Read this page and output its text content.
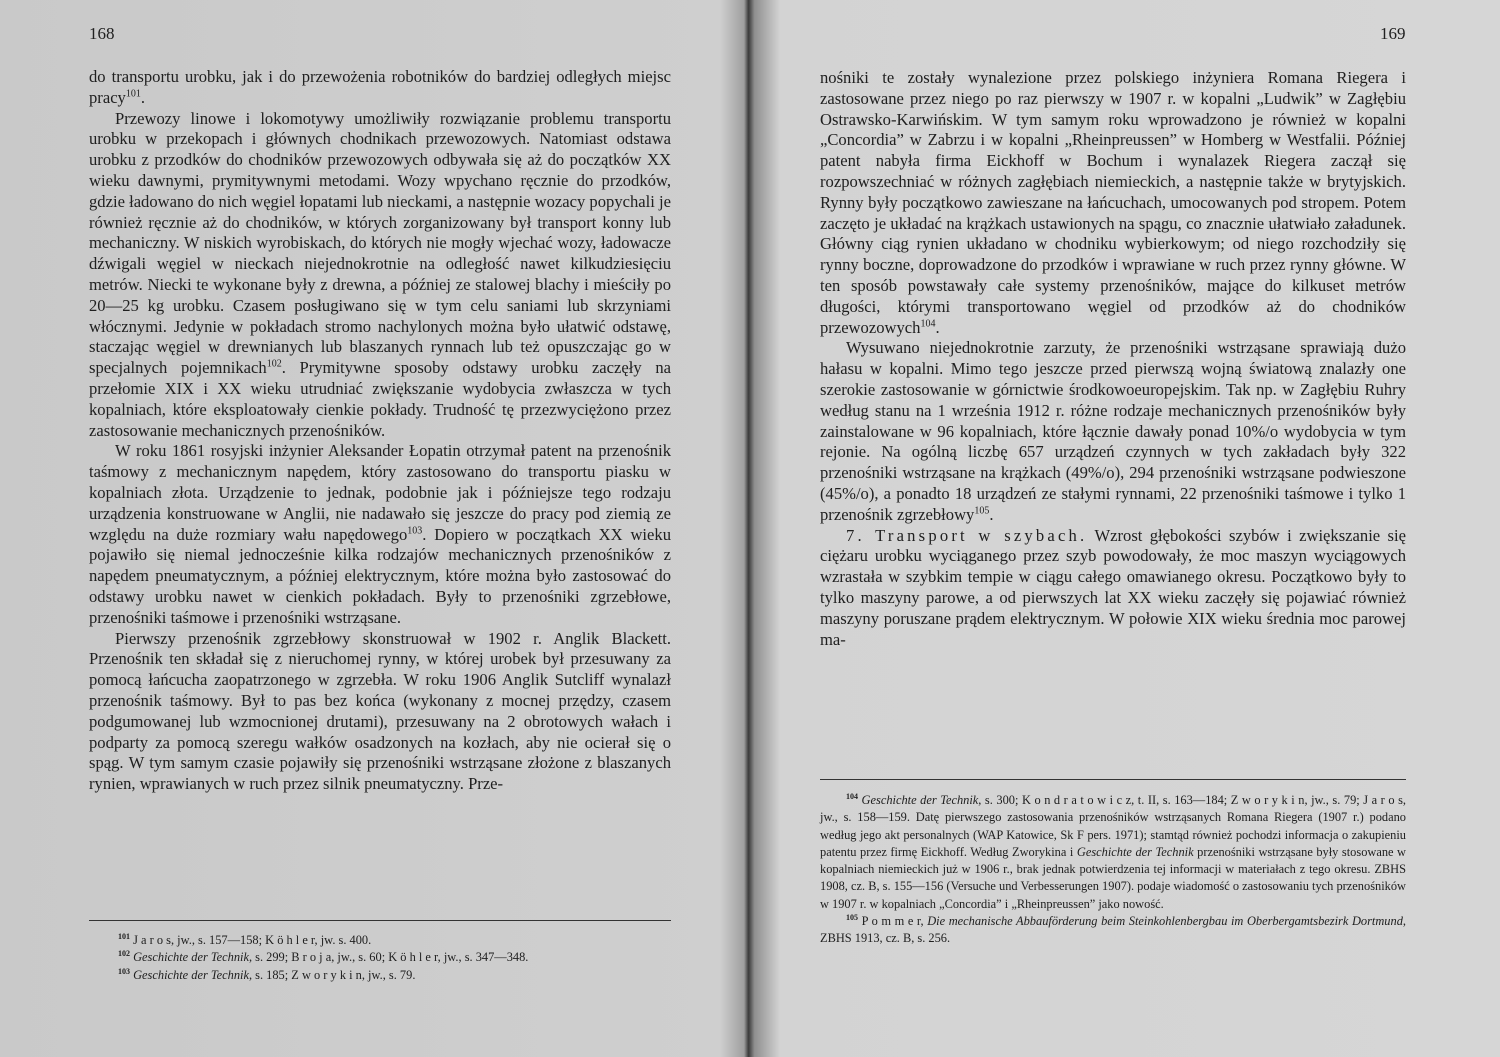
168

do transportu urobku, jak i do przewożenia robotników do bardziej odległych miejsc pracy$^{101}$.

Przewozy linowe i lokomotywy umożliwiły rozwiązanie problemu transportu urobku w przekopach i głównych chodnikach przewozowych. Natomiast odstawa urobku z przodków do chodników przewozowych odbywała się aż do początków XX wieku dawnymi, prymitywnymi metodami. Wozy wpychano ręcznie do przodków, gdzie ładowano do nich węgiel łopatami lub nieckami, a następnie wozacy popychali je również ręcznie aż do chodników, w których zorganizowany był transport konny lub mechaniczny. W niskich wyrobiskach, do których nie mogły wjechać wozy, ładowacze dźwigali węgiel w nieckach niejednokrotnie na odległość nawet kilkudziesięciu metrów. Niecki te wykonane były z drewna, a później ze stalowej blachy i mieściły po 20—25 kg urobku. Czasem posługiwano się w tym celu saniami lub skrzyniami włócznymi. Jedynie w pokładach stromo nachylonych można było ułatwić odstawę, staczając węgiel w drewnianych lub blaszanych rynnach lub też opuszczając go w specjalnych pojemnikach$^{102}$. Prymitywne sposoby odstawy urobku zaczęły na przełomie XIX i XX wieku utrudniać zwiększanie wydobycia zwłaszcza w tych kopalniach, które eksploatowały cienkie pokłady. Trudność tę przezwyciężono przez zastosowanie mechanicznych przenośników.

W roku 1861 rosyjski inżynier Aleksander Łopatin otrzymał patent na przenośnik taśmowy z mechanicznym napędem, który zastosowano do transportu piasku w kopalniach złota. Urządzenie to jednak, podobnie jak i późniejsze tego rodzaju urządzenia konstruowane w Anglii, nie nadawało się jeszcze do pracy pod ziemią ze względu na duże rozmiary wału napędowego$^{103}$. Dopiero w początkach XX wieku pojawiło się niemal jednocześnie kilka rodzajów mechanicznych przenośników z napędem pneumatycznym, a później elektrycznym, które można było zastosować do odstawy urobku nawet w cienkich pokładach. Były to przenośniki zgrzebłowe, przenośniki taśmowe i przenośniki wstrząsane.

Pierwszy przenośnik zgrzebłowy skonstruował w 1902 r. Anglik Blackett. Przenośnik ten składał się z nieruchomej rynny, w której urobek był przesuwany za pomocą łańcucha zaopatrzonego w zgrzebła. W roku 1906 Anglik Sutcliff wynalazł przenośnik taśmowy. Był to pas bez końca (wykonany z mocnej przędzy, czasem podgumowanej lub wzmocnionej drutami), przesuwany na 2 obrotowych wałach i podparty za pomocą szeregu wałków osadzonych na kozłach, aby nie ocierał się o spąg. W tym samym czasie pojawiły się przenośniki wstrząsane złożone z blaszanych rynien, wprawianych w ruch przez silnik pneumatyczny. Prze-

$^{101}$ J a r o s, jw., s. 157—158; K ö h l e r, jw. s. 400.

$^{102}$ Geschichte der Technik, s. 299; B r o j a, jw., s. 60; K ö h l e r, jw., s. 347—348.

$^{103}$ Geschichte der Technik, s. 185; Z w o r y k i n, jw., s. 79.

169

nośniki te zostały wynalezione przez polskiego inżyniera Romana Riegera i zastosowane przez niego po raz pierwszy w 1907 r. w kopalni „Ludwik” w Zagłębiu Ostrawsko-Karwińskim. W tym samym roku wprowadzono je również w kopalni „Concordia” w Zabrzu i w kopalni „Rheinpreussen” w Homberg w Westfalii. Później patent nabyła firma Eickhoff w Bochum i wynalazek Riegera zaczął się rozpowszechniać w różnych zagłębiach niemieckich, a następnie także w brytyjskich. Rynny były początkowo zawieszane na łańcuchach, umocowanych pod stropem. Potem zaczęto je układać na krążkach ustawionych na spągu, co znacznie ułatwiało załadunek. Główny ciąg rynien układano w chodniku wybierkowym; od niego rozchodziły się rynny boczne, doprowadzone do przodków i wprawiane w ruch przez rynny główne. W ten sposób powstawały całe systemy przenośników, mające do kilkuset metrów długości, którymi transportowano węgiel od przodków aż do chodników przewozowych$^{104}$.

Wysuwano niejednokrotnie zarzuty, że przenośniki wstrząsane sprawiają dużo hałasu w kopalni. Mimo tego jeszcze przed pierwszą wojną światową znalazły one szerokie zastosowanie w górnictwie środkowoeuropejskim. Tak np. w Zagłębiu Ruhry według stanu na 1 września 1912 r. różne rodzaje mechanicznych przenośników były zainstalowane w 96 kopalniach, które łącznie dawały ponad 10%/o wydobycia w tym rejonie. Na ogólną liczbę 657 urządzeń czynnych w tych zakładach były 322 przenośniki wstrząsane na krążkach (49%/o), 294 przenośniki wstrząsane podwieszone (45%/o), a ponadto 18 urządzeń ze stałymi rynnami, 22 przenośniki taśmowe i tylko 1 przenośnik zgrzebłowy$^{105}$.

7. Transport w szybach. Wzrost głębokości szybów i zwiększanie się ciężaru urobku wyciąganego przez szyb powodowały, że moc maszyn wyciągowych wzrastała w szybkim tempie w ciągu całego omawianego okresu. Początkowo były to tylko maszyny parowe, a od pierwszych lat XX wieku zaczęły się pojawiać również maszyny poruszane prądem elektrycznym. W połowie XIX wieku średnia moc parowej ma-

$^{104}$ Geschichte der Technik, s. 300; K o n d r a t o w i c z, t. II, s. 163—184; Z w o r y k i n, jw., s. 79; J a r o s, jw., s. 158—159. Datę pierwszego zastosowania przenośników wstrząsanych Romana Riegera (1907 r.) podano według jego akt personalnych (WAP Katowice, Sk F pers. 1971); stamtąd również pochodzi informacja o zakupieniu patentu przez firmę Eickhoff. Według Zworykina i Geschichte der Technik przenośniki wstrząsane były stosowane w kopalniach niemieckich już w 1906 r., brak jednak potwierdzenia tej informacji w materiałach z tego okresu. ZBHS 1908, cz. B, s. 155—156 (Versuche und Verbesserungen 1907). podaje wiadomość o zastosowaniu tych przenośników w 1907 r. w kopalniach „Concordia” i „Rheinpreussen” jako nowość.

$^{105}$ P o m m e r, Die mechanische Abbauförderung beim Steinkohlenbergbau im Oberbergamtsbezirk Dortmund, ZBHS 1913, cz. B, s. 256.
